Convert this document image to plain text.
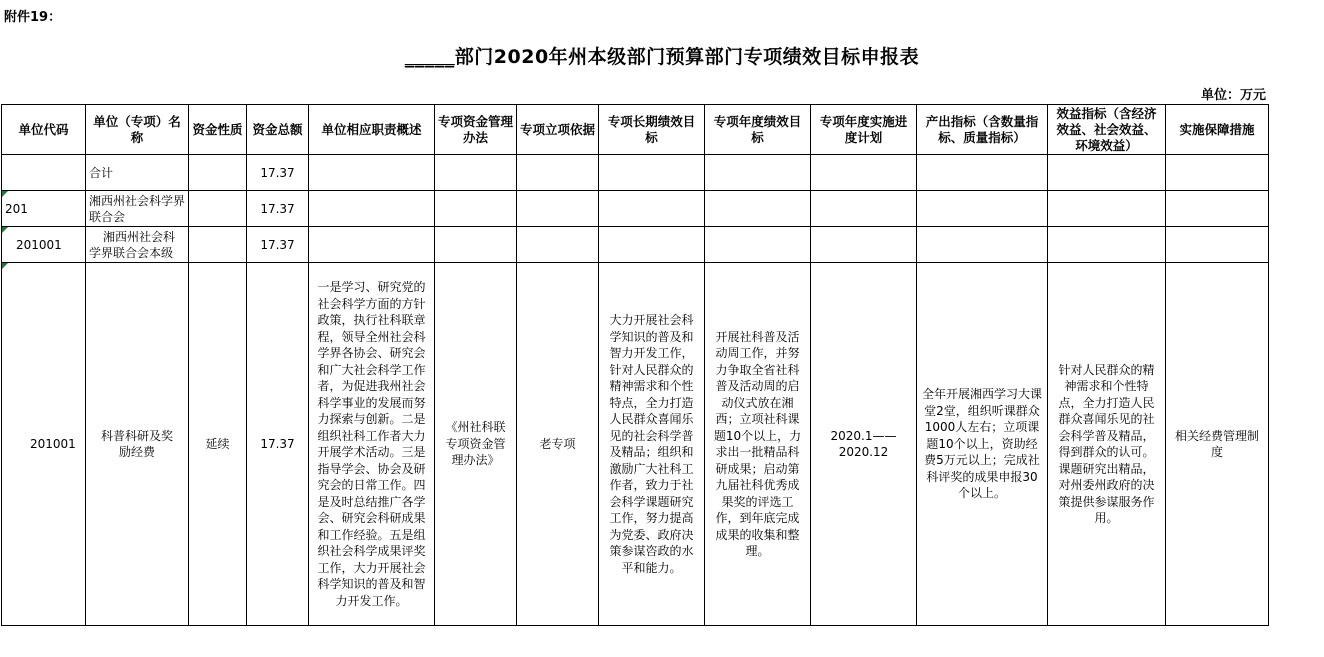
附件19：
_____部门2020年州本级部门预算部门专项绩效目标申报表
单位：万元
单位代码	单位（专项）名称	资金性质	资金总额	单位相应职责概述	专项资金管理办法	专项立项依据	专项长期绩效目标	专项年度绩效目标	专项年度实施进度计划	产出指标（含数量指标、质量指标）	效益指标（含经济效益、社会效益、环境效益）	实施保障措施
	合计		17.37									

201	湘西州社会科学界联合会		17.37									

201001	湘西州社会科学界联合会本级		17.37									

201001	科普科研及奖励经费	延续	17.37	一是学习、研究党的社会科学方面的方针政策，执行社科联章程，领导全州社会科学界各协会、研究会和广大社会科学工作者，为促进我州社会科学事业的发展而努力探索与创新。二是组织社科工作者大力开展学术活动。三是指导学会、协会及研究会的日常工作。四是及时总结推广各学会、研究会科研成果和工作经验。五是组织社会科学成果评奖工作，大力开展社会科学知识的普及和智力开发工作。	《州社科联专项资金管理办法》	老专项	大力开展社会科学知识的普及和智力开发工作，针对人民群众的精神需求和个性特点，全力打造人民群众喜闻乐见的社会科学普及精品；组织和激励广大社科工作者，致力于社会科学课题研究工作，努力提高为党委、政府决策参谋咨政的水平和能力。	开展社科普及活动周工作，并努力争取全省社科普及活动周的启动仪式放在湘西；立项社科课题10个以上，力求出一批精品科研成果；启动第九届社科优秀成果奖的评选工作，到年底完成成果的收集和整理。	2020.1——2020.12	全年开展湘西学习大课堂2堂，组织听课群众1000人左右；立项课题10个以上，资助经费5万元以上；完成社科评奖的成果申报30个以上。	针对人民群众的精神需求和个性特点，全力打造人民群众喜闻乐见的社会科学普及精品，得到群众的认可。课题研究出精品，对州委州政府的决策提供参谋服务作用。	相关经费管理制度
